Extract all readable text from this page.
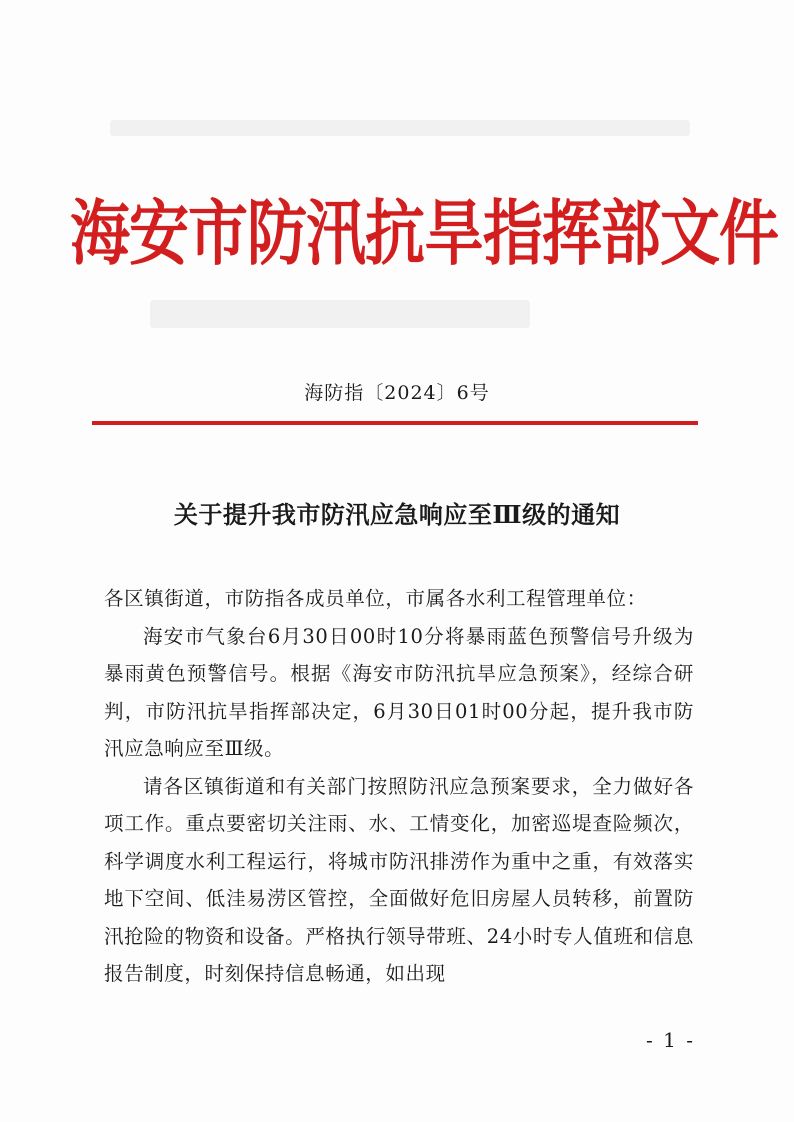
海安市防汛抗旱指挥部文件
海防指〔2024〕6号
关于提升我市防汛应急响应至Ⅲ级的通知

各区镇街道，市防指各成员单位，市属各水利工程管理单位：

海安市气象台6月30日00时10分将暴雨蓝色预警信号升级为暴雨黄色预警信号。根据《海安市防汛抗旱应急预案》，经综合研判，市防汛抗旱指挥部决定，6月30日01时00分起，提升我市防汛应急响应至Ⅲ级。

请各区镇街道和有关部门按照防汛应急预案要求，全力做好各项工作。重点要密切关注雨、水、工情变化，加密巡堤查险频次，科学调度水利工程运行，将城市防汛排涝作为重中之重，有效落实地下空间、低洼易涝区管控，全面做好危旧房屋人员转移，前置防汛抢险的物资和设备。严格执行领导带班、24小时专人值班和信息报告制度，时刻保持信息畅通，如出现

- 1 -
